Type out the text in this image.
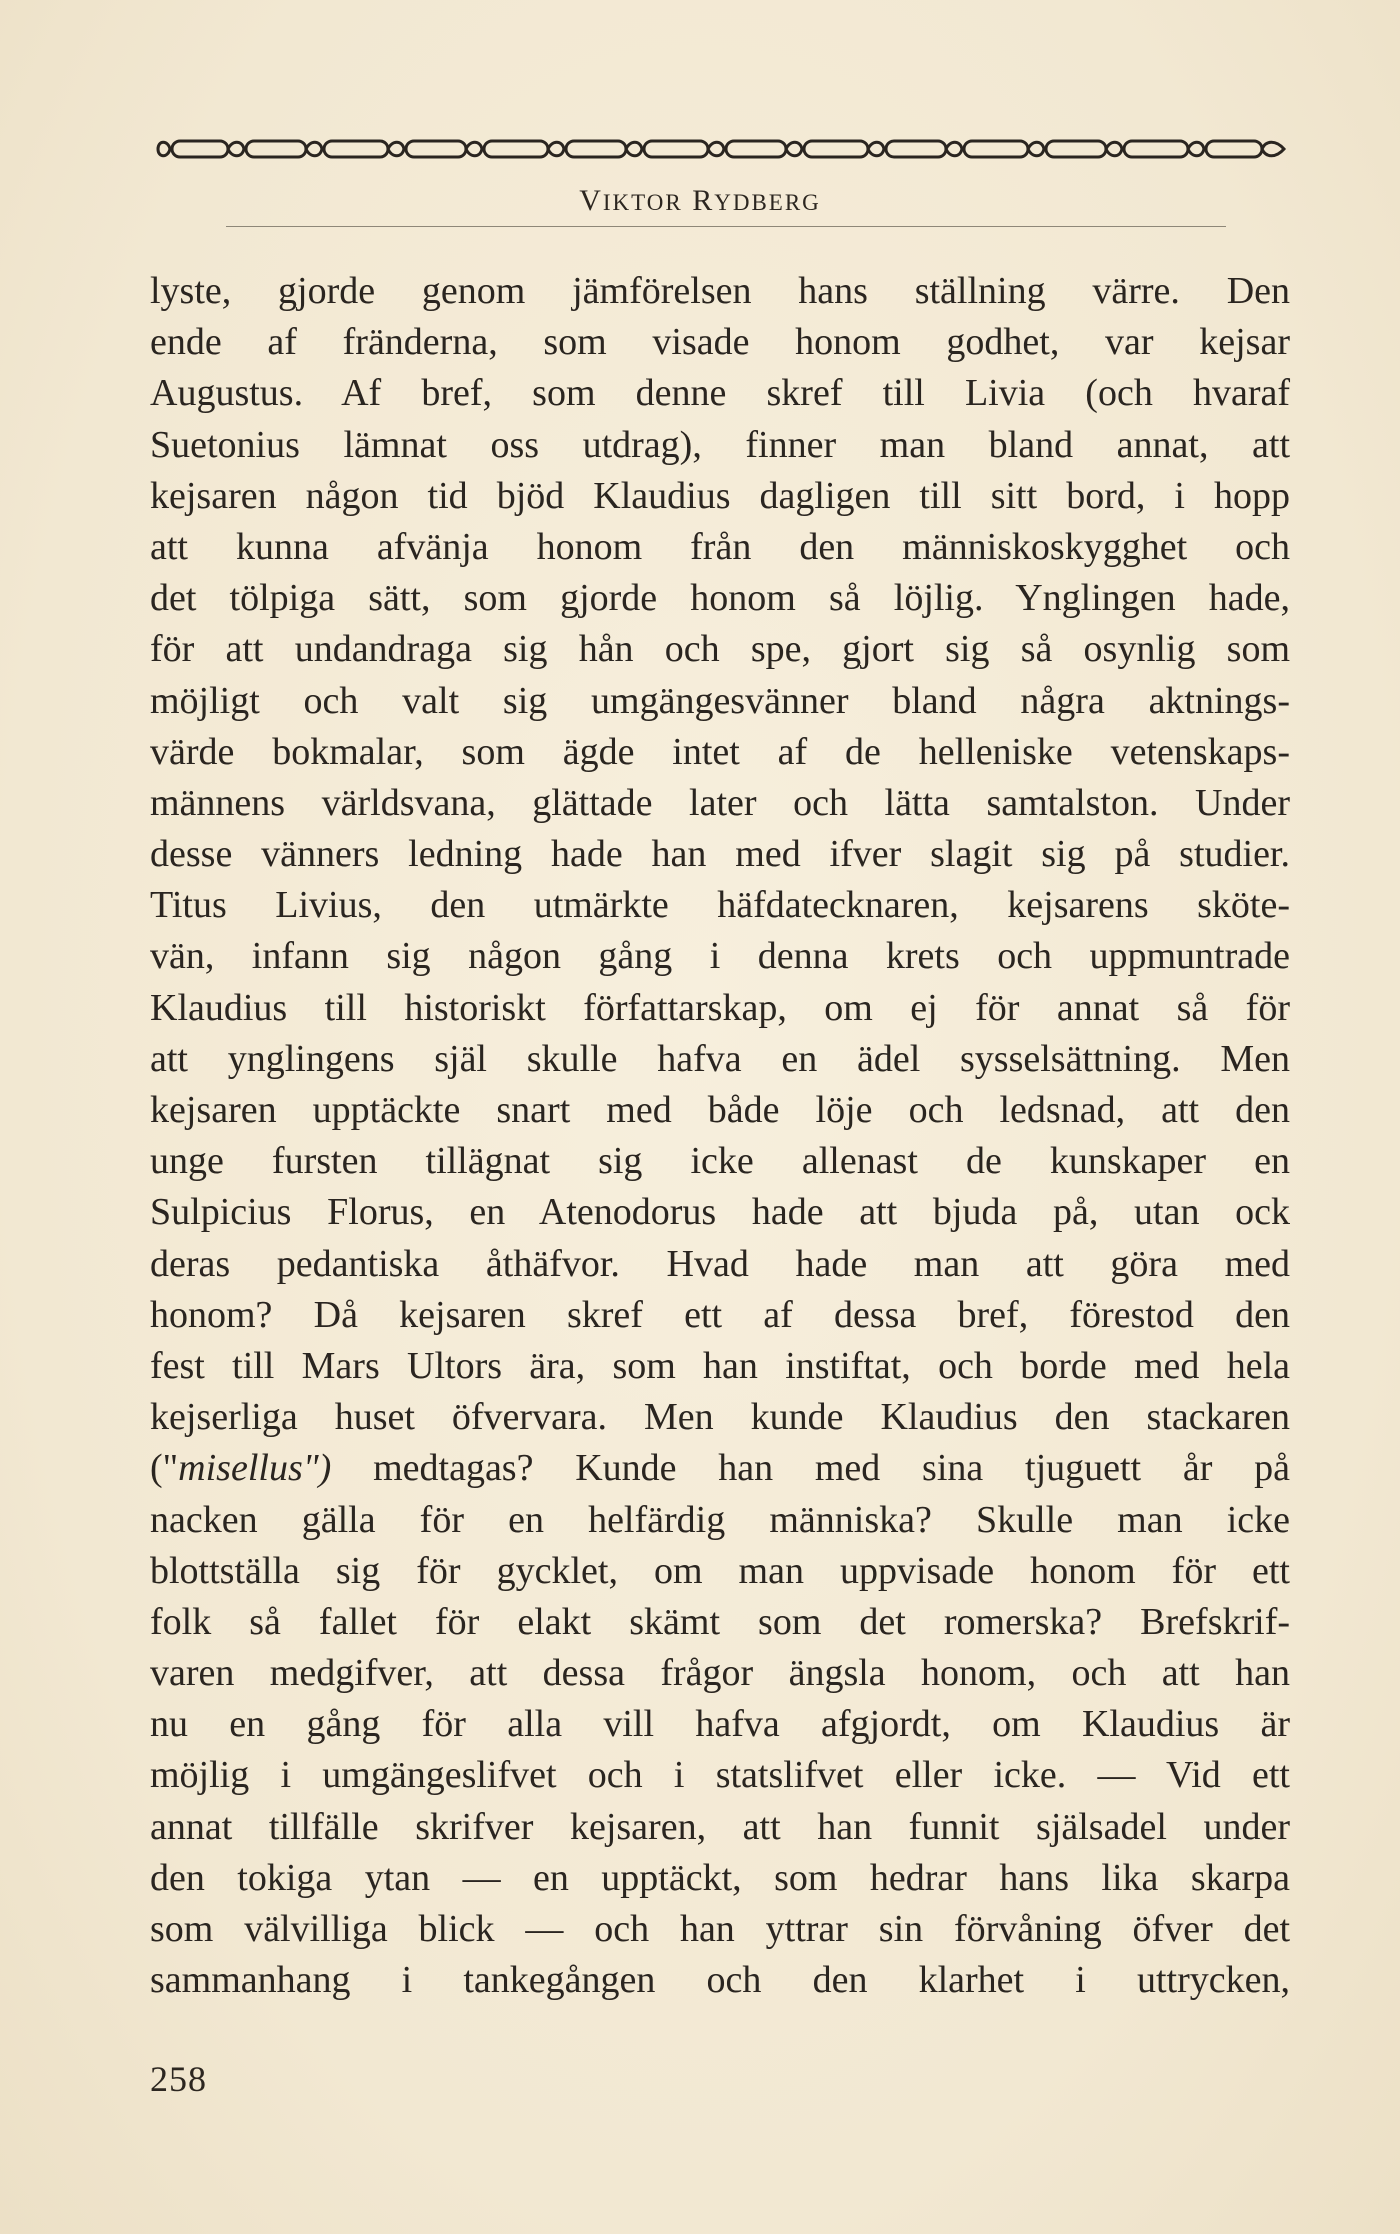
VIKTOR RYDBERG
lyste, gjorde genom jämförelsen hans ställning värre. Den
ende af fränderna, som visade honom godhet, var kejsar
Augustus. Af bref, som denne skref till Livia (och hvaraf
Suetonius lämnat oss utdrag), finner man bland annat, att
kejsaren någon tid bjöd Klaudius dagligen till sitt bord, i hopp
att kunna afvänja honom från den människoskygghet och
det tölpiga sätt, som gjorde honom så löjlig. Ynglingen hade,
för att undandraga sig hån och spe, gjort sig så osynlig som
möjligt och valt sig umgängesvänner bland några aktnings-
värde bokmalar, som ägde intet af de helleniske vetenskaps-
männens världsvana, glättade later och lätta samtalston. Under
desse vänners ledning hade han med ifver slagit sig på studier.
Titus Livius, den utmärkte häfdatecknaren, kejsarens sköte-
vän, infann sig någon gång i denna krets och uppmuntrade
Klaudius till historiskt författarskap, om ej för annat så för
att ynglingens själ skulle hafva en ädel sysselsättning. Men
kejsaren upptäckte snart med både löje och ledsnad, att den
unge fursten tillägnat sig icke allenast de kunskaper en
Sulpicius Florus, en Atenodorus hade att bjuda på, utan ock
deras pedantiska åthäfvor. Hvad hade man att göra med
honom? Då kejsaren skref ett af dessa bref, förestod den
fest till Mars Ultors ära, som han instiftat, och borde med hela
kejserliga huset öfvervara. Men kunde Klaudius den stackaren
("misellus") medtagas? Kunde han med sina tjuguett år på
nacken gälla för en helfärdig människa? Skulle man icke
blottställa sig för gycklet, om man uppvisade honom för ett
folk så fallet för elakt skämt som det romerska? Brefskrif-
varen medgifver, att dessa frågor ängsla honom, och att han
nu en gång för alla vill hafva afgjordt, om Klaudius är
möjlig i umgängeslifvet och i statslifvet eller icke. — Vid ett
annat tillfälle skrifver kejsaren, att han funnit själsadel under
den tokiga ytan — en upptäckt, som hedrar hans lika skarpa
som välvilliga blick — och han yttrar sin förvåning öfver det
sammanhang i tankegången och den klarhet i uttrycken,
258
